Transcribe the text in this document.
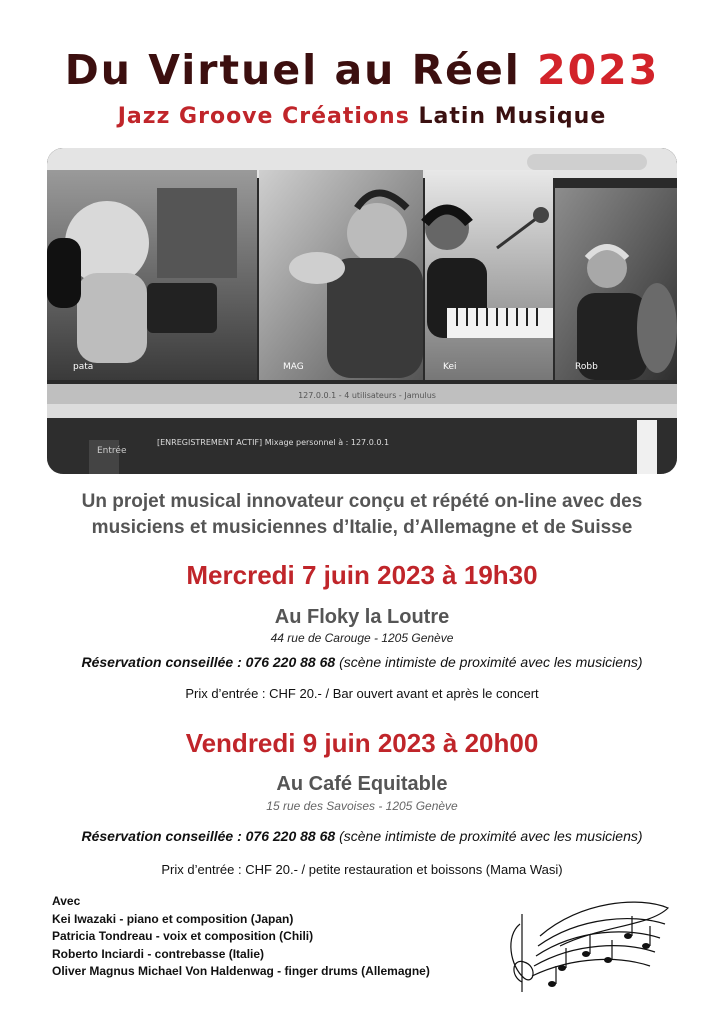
Du Virtuel au Réel 2023
Jazz Groove Créations Latin Musique
pata	MAG	Kei	Robb
127.0.0.1 - 4 utilisateurs - Jamulus
Entrée
[ENREGISTREMENT ACTIF] Mixage personnel à : 127.0.0.1
Un projet musical innovateur conçu et répété on-line avec des
musiciens et musiciennes d’Italie, d’Allemagne et de Suisse
Mercredi 7 juin 2023 à 19h30
Au Floky la Loutre
44 rue de Carouge - 1205 Genève
Réservation conseillée : 076 220 88 68 (scène intimiste de proximité avec les musiciens)
Prix d’entrée : CHF 20.- / Bar ouvert avant et après le concert
Vendredi 9 juin 2023 à 20h00
Au Café Equitable
15 rue des Savoises - 1205 Genève
Réservation conseillée : 076 220 88 68 (scène intimiste de proximité avec les musiciens)
Prix d’entrée : CHF 20.- / petite restauration et boissons (Mama Wasi)
Avec
Kei Iwazaki - piano et composition (Japan)
Patricia Tondreau - voix et composition (Chili)
Roberto Inciardi - contrebasse (Italie)
Oliver Magnus Michael Von Haldenwag - finger drums (Allemagne)
